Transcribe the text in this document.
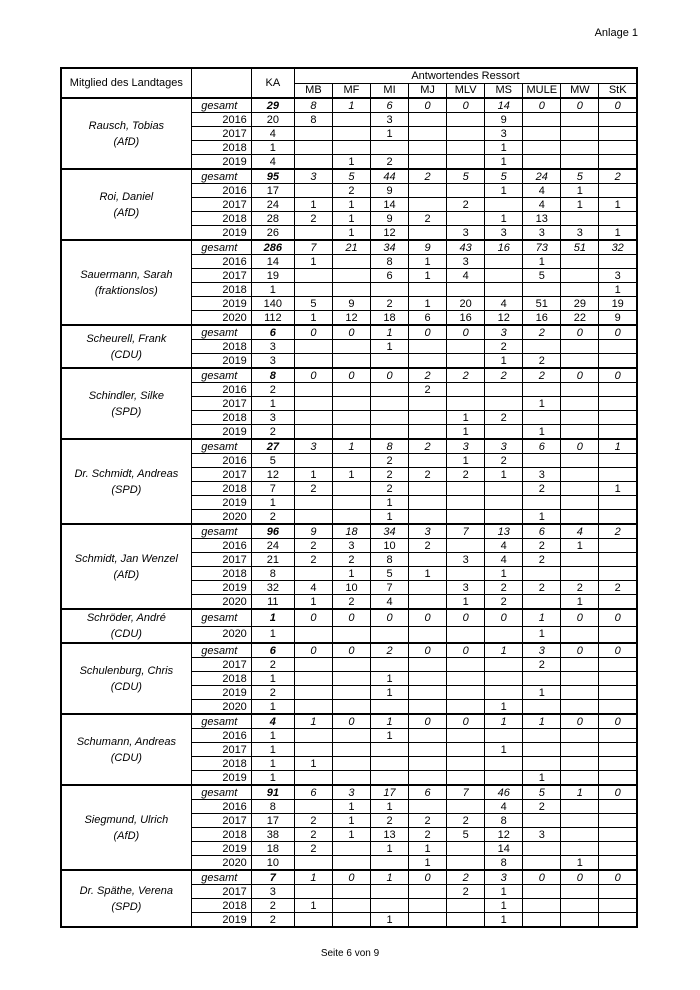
Anlage 1
Mitglied des Landtages		KA	Antwortendes Ressort								
			MB	MF	MI	MJ	MLV	MS	MULE	MW	StK

Rausch, Tobias
(AfD)	gesamt	29	8	1	6	0	0	14	0	0	0
	2016	20	8		3			9			
	2017	4			1			3			
	2018	1						1			
	2019	4		1	2			1			

Roi, Daniel
(AfD)	gesamt	95	3	5	44	2	5	5	24	5	2
	2016	17		2	9			1	4	1	
	2017	24	1	1	14		2		4	1	1
	2018	28	2	1	9	2		1	13		
	2019	26		1	12		3	3	3	3	1

Sauermann, Sarah
(fraktionslos)	gesamt	286	7	21	34	9	43	16	73	51	32
	2016	14	1		8	1	3		1		
	2017	19			6	1	4		5		3
	2018	1									1
	2019	140	5	9	2	1	20	4	51	29	19
	2020	112	1	12	18	6	16	12	16	22	9

Scheurell, Frank
(CDU)	gesamt	6	0	0	1	0	0	3	2	0	0
	2018	3			1			2			
	2019	3						1	2		

Schindler, Silke
(SPD)	gesamt	8	0	0	0	2	2	2	2	0	0
	2016	2				2					
	2017	1							1		
	2018	3					1	2			
	2019	2					1		1		

Dr. Schmidt, Andreas
(SPD)	gesamt	27	3	1	8	2	3	3	6	0	1
	2016	5			2		1	2			
	2017	12	1	1	2	2	2	1	3		
	2018	7	2		2				2		1
	2019	1			1						
	2020	2			1				1		

Schmidt, Jan Wenzel
(AfD)	gesamt	96	9	18	34	3	7	13	6	4	2
	2016	24	2	3	10	2		4	2	1	
	2017	21	2	2	8		3	4	2		
	2018	8		1	5	1		1			
	2019	32	4	10	7		3	2	2	2	2
	2020	11	1	2	4		1	2		1	

Schröder, André
(CDU)	gesamt	1	0	0	0	0	0	0	1	0	0
	2020	1							1		

Schulenburg, Chris
(CDU)	gesamt	6	0	0	2	0	0	1	3	0	0
	2017	2							2		
	2018	1			1						
	2019	2			1				1		
	2020	1						1			

Schumann, Andreas
(CDU)	gesamt	4	1	0	1	0	0	1	1	0	0
	2016	1			1						
	2017	1						1			
	2018	1	1								
	2019	1							1		

Siegmund, Ulrich
(AfD)	gesamt	91	6	3	17	6	7	46	5	1	0
	2016	8		1	1			4	2		
	2017	17	2	1	2	2	2	8			
	2018	38	2	1	13	2	5	12	3		
	2019	18	2		1	1		14			
	2020	10				1		8		1	

Dr. Späthe, Verena
(SPD)	gesamt	7	1	0	1	0	2	3	0	0	0
	2017	3					2	1			
	2018	2	1					1			
	2019	2			1			1			
Seite 6 von 9
